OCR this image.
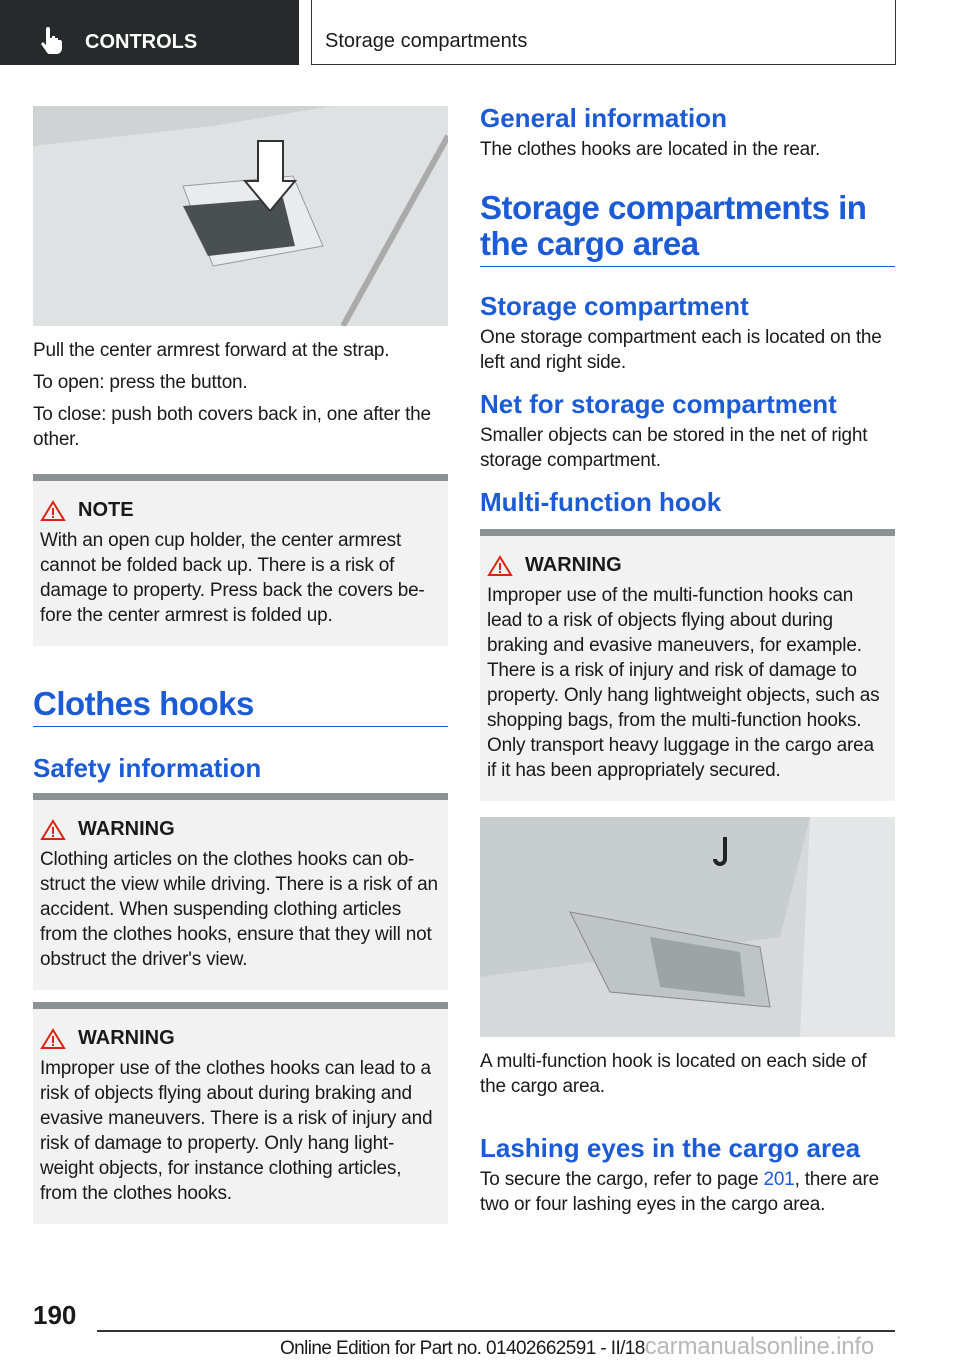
CONTROLS	Storage compartments

Pull the center armrest forward at the strap.

To open: press the button.

To close: push both covers back in, one after the other.

NOTE

With an open cup holder, the center armrest cannot be folded back up. There is a risk of damage to property. Press back the covers be-fore the center armrest is folded up.

Clothes hooks
Safety information
WARNING

Clothing articles on the clothes hooks can ob-struct the view while driving. There is a risk of an accident. When suspending clothing articles from the clothes hooks, ensure that they will not obstruct the driver's view.

WARNING

Improper use of the clothes hooks can lead to a risk of objects flying about during braking and evasive maneuvers. There is a risk of injury and risk of damage to property. Only hang light-weight objects, for instance clothing articles, from the clothes hooks.

General information

The clothes hooks are located in the rear.

Storage compartments in the cargo area
Storage compartment

One storage compartment each is located on the left and right side.

Net for storage compartment

Smaller objects can be stored in the net of right storage compartment.

Multi-function hook
WARNING

Improper use of the multi-function hooks can lead to a risk of objects flying about during braking and evasive maneuvers, for example. There is a risk of injury and risk of damage to property. Only hang lightweight objects, such as shopping bags, from the multi-function hooks. Only transport heavy luggage in the cargo area if it has been appropriately secured.

A multi-function hook is located on each side of the cargo area.

Lashing eyes in the cargo area

To secure the cargo, refer to page 201, there are two or four lashing eyes in the cargo area.

190
Online Edition for Part no. 01402662591 - II/18carmanualsonline.info
